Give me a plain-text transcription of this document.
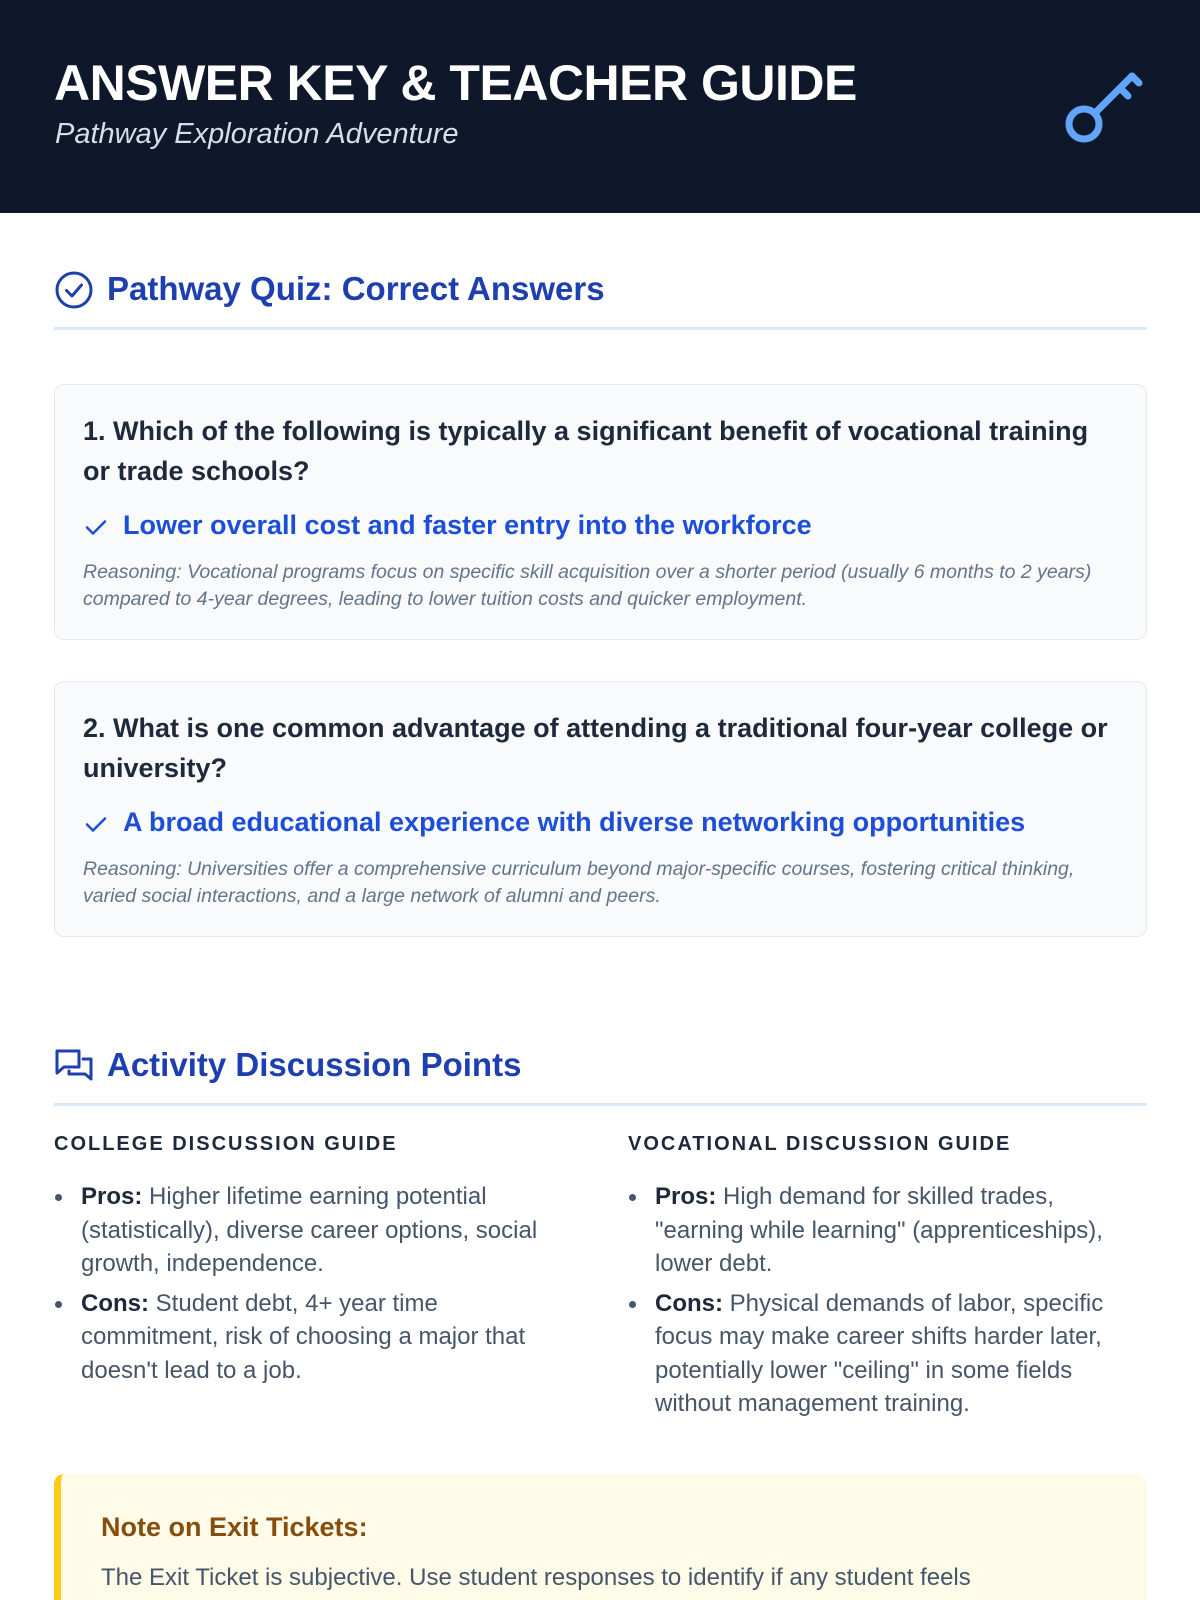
ANSWER KEY & TEACHER GUIDE
Pathway Exploration Adventure
Pathway Quiz: Correct Answers
1. Which of the following is typically a significant benefit of vocational training or trade schools?
Lower overall cost and faster entry into the workforce
Reasoning: Vocational programs focus on specific skill acquisition over a shorter period (usually 6 months to 2 years) compared to 4-year degrees, leading to lower tuition costs and quicker employment.
2. What is one common advantage of attending a traditional four-year college or university?
A broad educational experience with diverse networking opportunities
Reasoning: Universities offer a comprehensive curriculum beyond major-specific courses, fostering critical thinking, varied social interactions, and a large network of alumni and peers.
Activity Discussion Points
COLLEGE DISCUSSION GUIDE
Pros: Higher lifetime earning potential (statistically), diverse career options, social growth, independence.
Cons: Student debt, 4+ year time commitment, risk of choosing a major that doesn't lead to a job.
VOCATIONAL DISCUSSION GUIDE
Pros: High demand for skilled trades, "earning while learning" (apprenticeships), lower debt.
Cons: Physical demands of labor, specific focus may make career shifts harder later, potentially lower "ceiling" in some fields without management training.
Note on Exit Tickets:
The Exit Ticket is subjective. Use student responses to identify if any student feels
